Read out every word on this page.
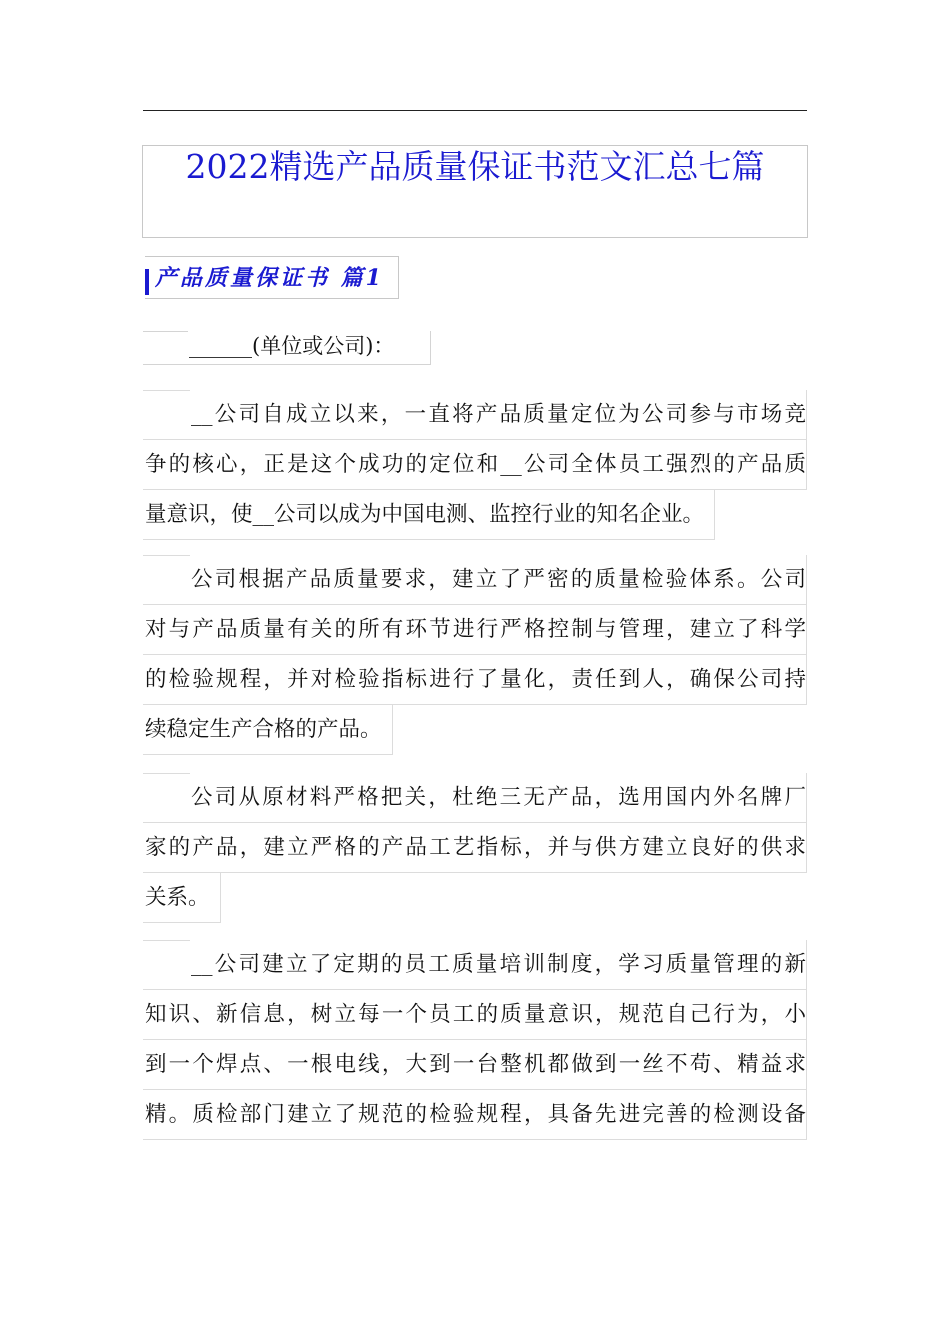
2022精选产品质量保证书范文汇总七篇
产品质量保证书 篇1
______(单位或公司)：
__公司自成立以来，一直将产品质量定位为公司参与市场竞
争的核心，正是这个成功的定位和__公司全体员工强烈的产品质
量意识，使__公司以成为中国电测、监控行业的知名企业。
公司根据产品质量要求，建立了严密的质量检验体系。公司
对与产品质量有关的所有环节进行严格控制与管理，建立了科学
的检验规程，并对检验指标进行了量化，责任到人，确保公司持
续稳定生产合格的产品。
公司从原材料严格把关，杜绝三无产品，选用国内外名牌厂
家的产品，建立严格的产品工艺指标，并与供方建立良好的供求
关系。
__公司建立了定期的员工质量培训制度，学习质量管理的新
知识、新信息，树立每一个员工的质量意识，规范自己行为，小
到一个焊点、一根电线，大到一台整机都做到一丝不苟、精益求
精。质检部门建立了规范的检验规程，具备先进完善的检测设备
